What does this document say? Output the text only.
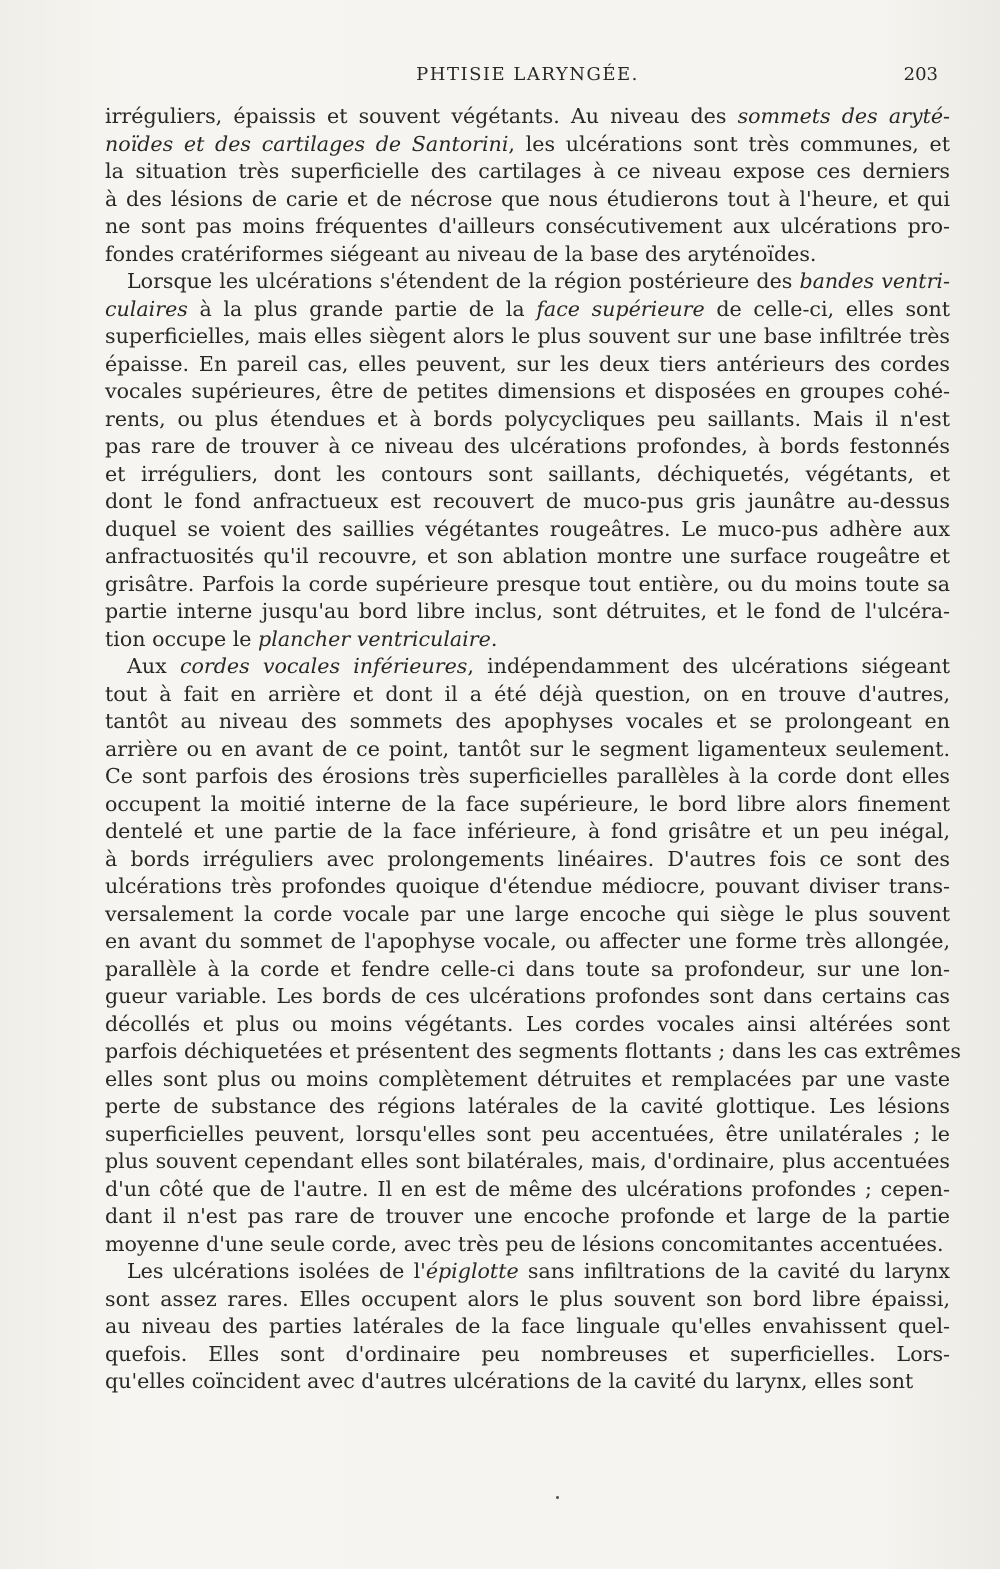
PHTISIE LARYNGÉE.	203
irréguliers, épaissis et souvent végétants. Au niveau des sommets des aryté-
noïdes et des cartilages de Santorini, les ulcérations sont très communes, et
la situation très superficielle des cartilages à ce niveau expose ces derniers
à des lésions de carie et de nécrose que nous étudierons tout à l'heure, et qui
ne sont pas moins fréquentes d'ailleurs consécutivement aux ulcérations pro-
fondes cratériformes siégeant au niveau de la base des aryténoïdes.
Lorsque les ulcérations s'étendent de la région postérieure des bandes ventri-
culaires à la plus grande partie de la face supérieure de celle-ci, elles sont
superficielles, mais elles siègent alors le plus souvent sur une base infiltrée très
épaisse. En pareil cas, elles peuvent, sur les deux tiers antérieurs des cordes
vocales supérieures, être de petites dimensions et disposées en groupes cohé-
rents, ou plus étendues et à bords polycycliques peu saillants. Mais il n'est
pas rare de trouver à ce niveau des ulcérations profondes, à bords festonnés
et irréguliers, dont les contours sont saillants, déchiquetés, végétants, et
dont le fond anfractueux est recouvert de muco-pus gris jaunâtre au-dessus
duquel se voient des saillies végétantes rougeâtres. Le muco-pus adhère aux
anfractuosités qu'il recouvre, et son ablation montre une surface rougeâtre et
grisâtre. Parfois la corde supérieure presque tout entière, ou du moins toute sa
partie interne jusqu'au bord libre inclus, sont détruites, et le fond de l'ulcéra-
tion occupe le plancher ventriculaire.
Aux cordes vocales inférieures, indépendamment des ulcérations siégeant
tout à fait en arrière et dont il a été déjà question, on en trouve d'autres,
tantôt au niveau des sommets des apophyses vocales et se prolongeant en
arrière ou en avant de ce point, tantôt sur le segment ligamenteux seulement.
Ce sont parfois des érosions très superficielles parallèles à la corde dont elles
occupent la moitié interne de la face supérieure, le bord libre alors finement
dentelé et une partie de la face inférieure, à fond grisâtre et un peu inégal,
à bords irréguliers avec prolongements linéaires. D'autres fois ce sont des
ulcérations très profondes quoique d'étendue médiocre, pouvant diviser trans-
versalement la corde vocale par une large encoche qui siège le plus souvent
en avant du sommet de l'apophyse vocale, ou affecter une forme très allongée,
parallèle à la corde et fendre celle-ci dans toute sa profondeur, sur une lon-
gueur variable. Les bords de ces ulcérations profondes sont dans certains cas
décollés et plus ou moins végétants. Les cordes vocales ainsi altérées sont
parfois déchiquetées et présentent des segments flottants ; dans les cas extrêmes
elles sont plus ou moins complètement détruites et remplacées par une vaste
perte de substance des régions latérales de la cavité glottique. Les lésions
superficielles peuvent, lorsqu'elles sont peu accentuées, être unilatérales ; le
plus souvent cependant elles sont bilatérales, mais, d'ordinaire, plus accentuées
d'un côté que de l'autre. Il en est de même des ulcérations profondes ; cepen-
dant il n'est pas rare de trouver une encoche profonde et large de la partie
moyenne d'une seule corde, avec très peu de lésions concomitantes accentuées.
Les ulcérations isolées de l'épiglotte sans infiltrations de la cavité du larynx
sont assez rares. Elles occupent alors le plus souvent son bord libre épaissi,
au niveau des parties latérales de la face linguale qu'elles envahissent quel-
quefois. Elles sont d'ordinaire peu nombreuses et superficielles. Lors-
qu'elles coïncident avec d'autres ulcérations de la cavité du larynx, elles sont
